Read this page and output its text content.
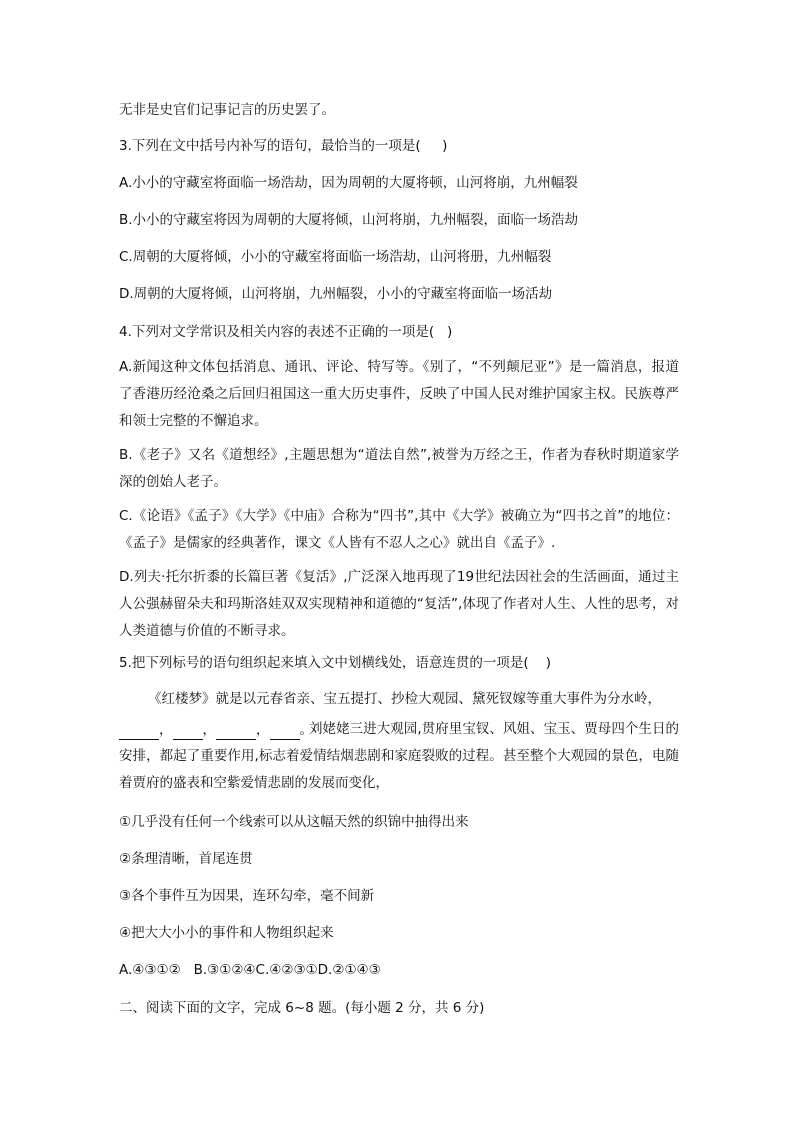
无非是史官们记事记言的历史罢了。
3.下列在文中括号内补写的语句，最恰当的一项是(     )
A.小小的守藏室将面临一场浩劫，因为周朝的大厦将顿，山河将崩，九州幅裂
B.小小的守藏室将因为周朝的大厦将倾，山河将崩，九州幅裂，面临一场浩劫
C.周朝的大厦将倾，小小的守藏室将面临一场浩劫，山河将册，九州幅裂
D.周朝的大厦将倾，山河将崩，九州幅裂，小小的守藏室将面临一场活劫
4.下列对文学常识及相关内容的表述不正确的一项是(   )
A.新闻这种文体包括消息、通讯、评论、特写等。《别了，“不列颠尼亚”》是一篇消息，报道了香港历经沧桑之后回归祖国这一重大历史事件，反映了中国人民对维护国家主权。民族尊严和领士完整的不懈追求。
B.《老子》又名《道想经》,主题思想为“道法自然”,被誉为万经之王，作者为春秋时期道家学深的创始人老子。
C.《论语》《孟子》《大学》《中庙》合称为“四书”,其中《大学》被确立为“四书之首”的地位：《孟子》是儒家的经典著作，课文《人皆有不忍人之心》就出自《孟子》.
D.列夫·托尔折黍的长篇巨著《复活》,广泛深入地再现了19世纪法因社会的生活画面，通过主人公强赫留朵夫和玛斯洛娃双双实现精神和道德的“复活”,体现了作者对人生、人性的思考，对人类道德与价值的不断寻求。
5.把下列标号的语句组织起来填入文中划横线处，语意连贯的一项是(    )
《红楼梦》就是以元春省亲、宝五提打、抄检大观园、黛死钗嫁等重大事件为分水岭，
， ，	， 。
刘姥姥三进大观园,贯府里宝钗、风姐、宝玉、贾母四个生日的安排，都起了重要作用,标志着爱情结烟悲剧和家庭裂败的过程。甚至整个大观园的景色，电随着贾府的盛表和空紫爱情悲剧的发展而变化，
①几乎没有任何一个线索可以从这幅天然的织锦中抽得出来
②条理清晰，首尾连贯
③各个事件互为因果，连环勾牵，毫不间新
④把大大小小的事件和人物组织起来
A.④③①②   B.③①②④C.④②③①D.②①④③
二、阅读下面的文字，完成 6~8 题。(每小题 2 分，共 6 分)
